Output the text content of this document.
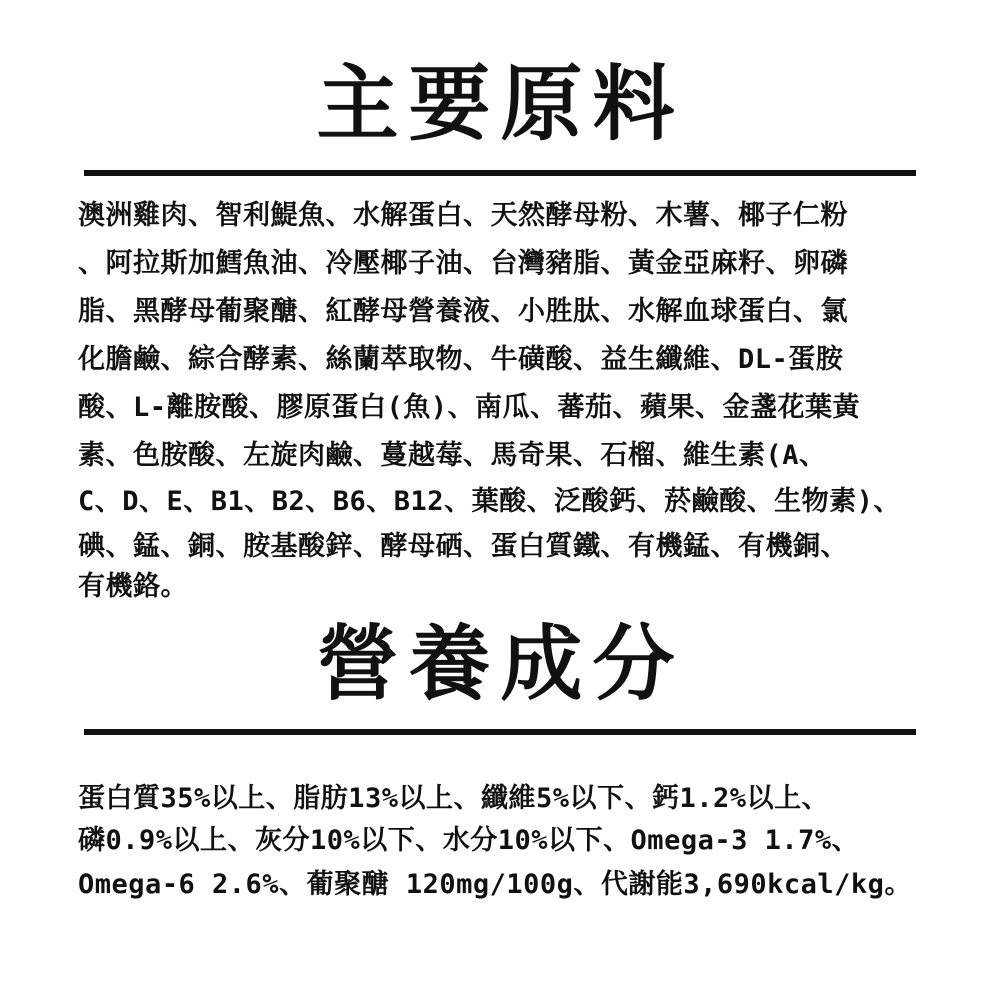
主要原料
澳洲雞肉、智利鯷魚、水解蛋白、天然酵母粉、木薯、椰子仁粉
、阿拉斯加鱈魚油、冷壓椰子油、台灣豬脂、黃金亞麻籽、卵磷
脂、黑酵母葡聚醣、紅酵母營養液、小胜肽、水解血球蛋白、氯
化膽鹼、綜合酵素、絲蘭萃取物、牛磺酸、益生纖維、DL-蛋胺
酸、L-離胺酸、膠原蛋白(魚)、南瓜、蕃茄、蘋果、金盞花葉黃
素、色胺酸、左旋肉鹼、蔓越莓、馬奇果、石榴、維生素(A、
C、D、E、B1、B2、B6、B12、葉酸、泛酸鈣、菸鹼酸、生物素)、
碘、錳、銅、胺基酸鋅、酵母硒、蛋白質鐵、有機錳、有機銅、
有機鉻。
營養成分
蛋白質35%以上、脂肪13%以上、纖維5%以下、鈣1.2%以上、
磷0.9%以上、灰分10%以下、水分10%以下、Omega-3 1.7%、
Omega-6 2.6%、葡聚醣 120mg/100g、代謝能3,690kcal/kg。
